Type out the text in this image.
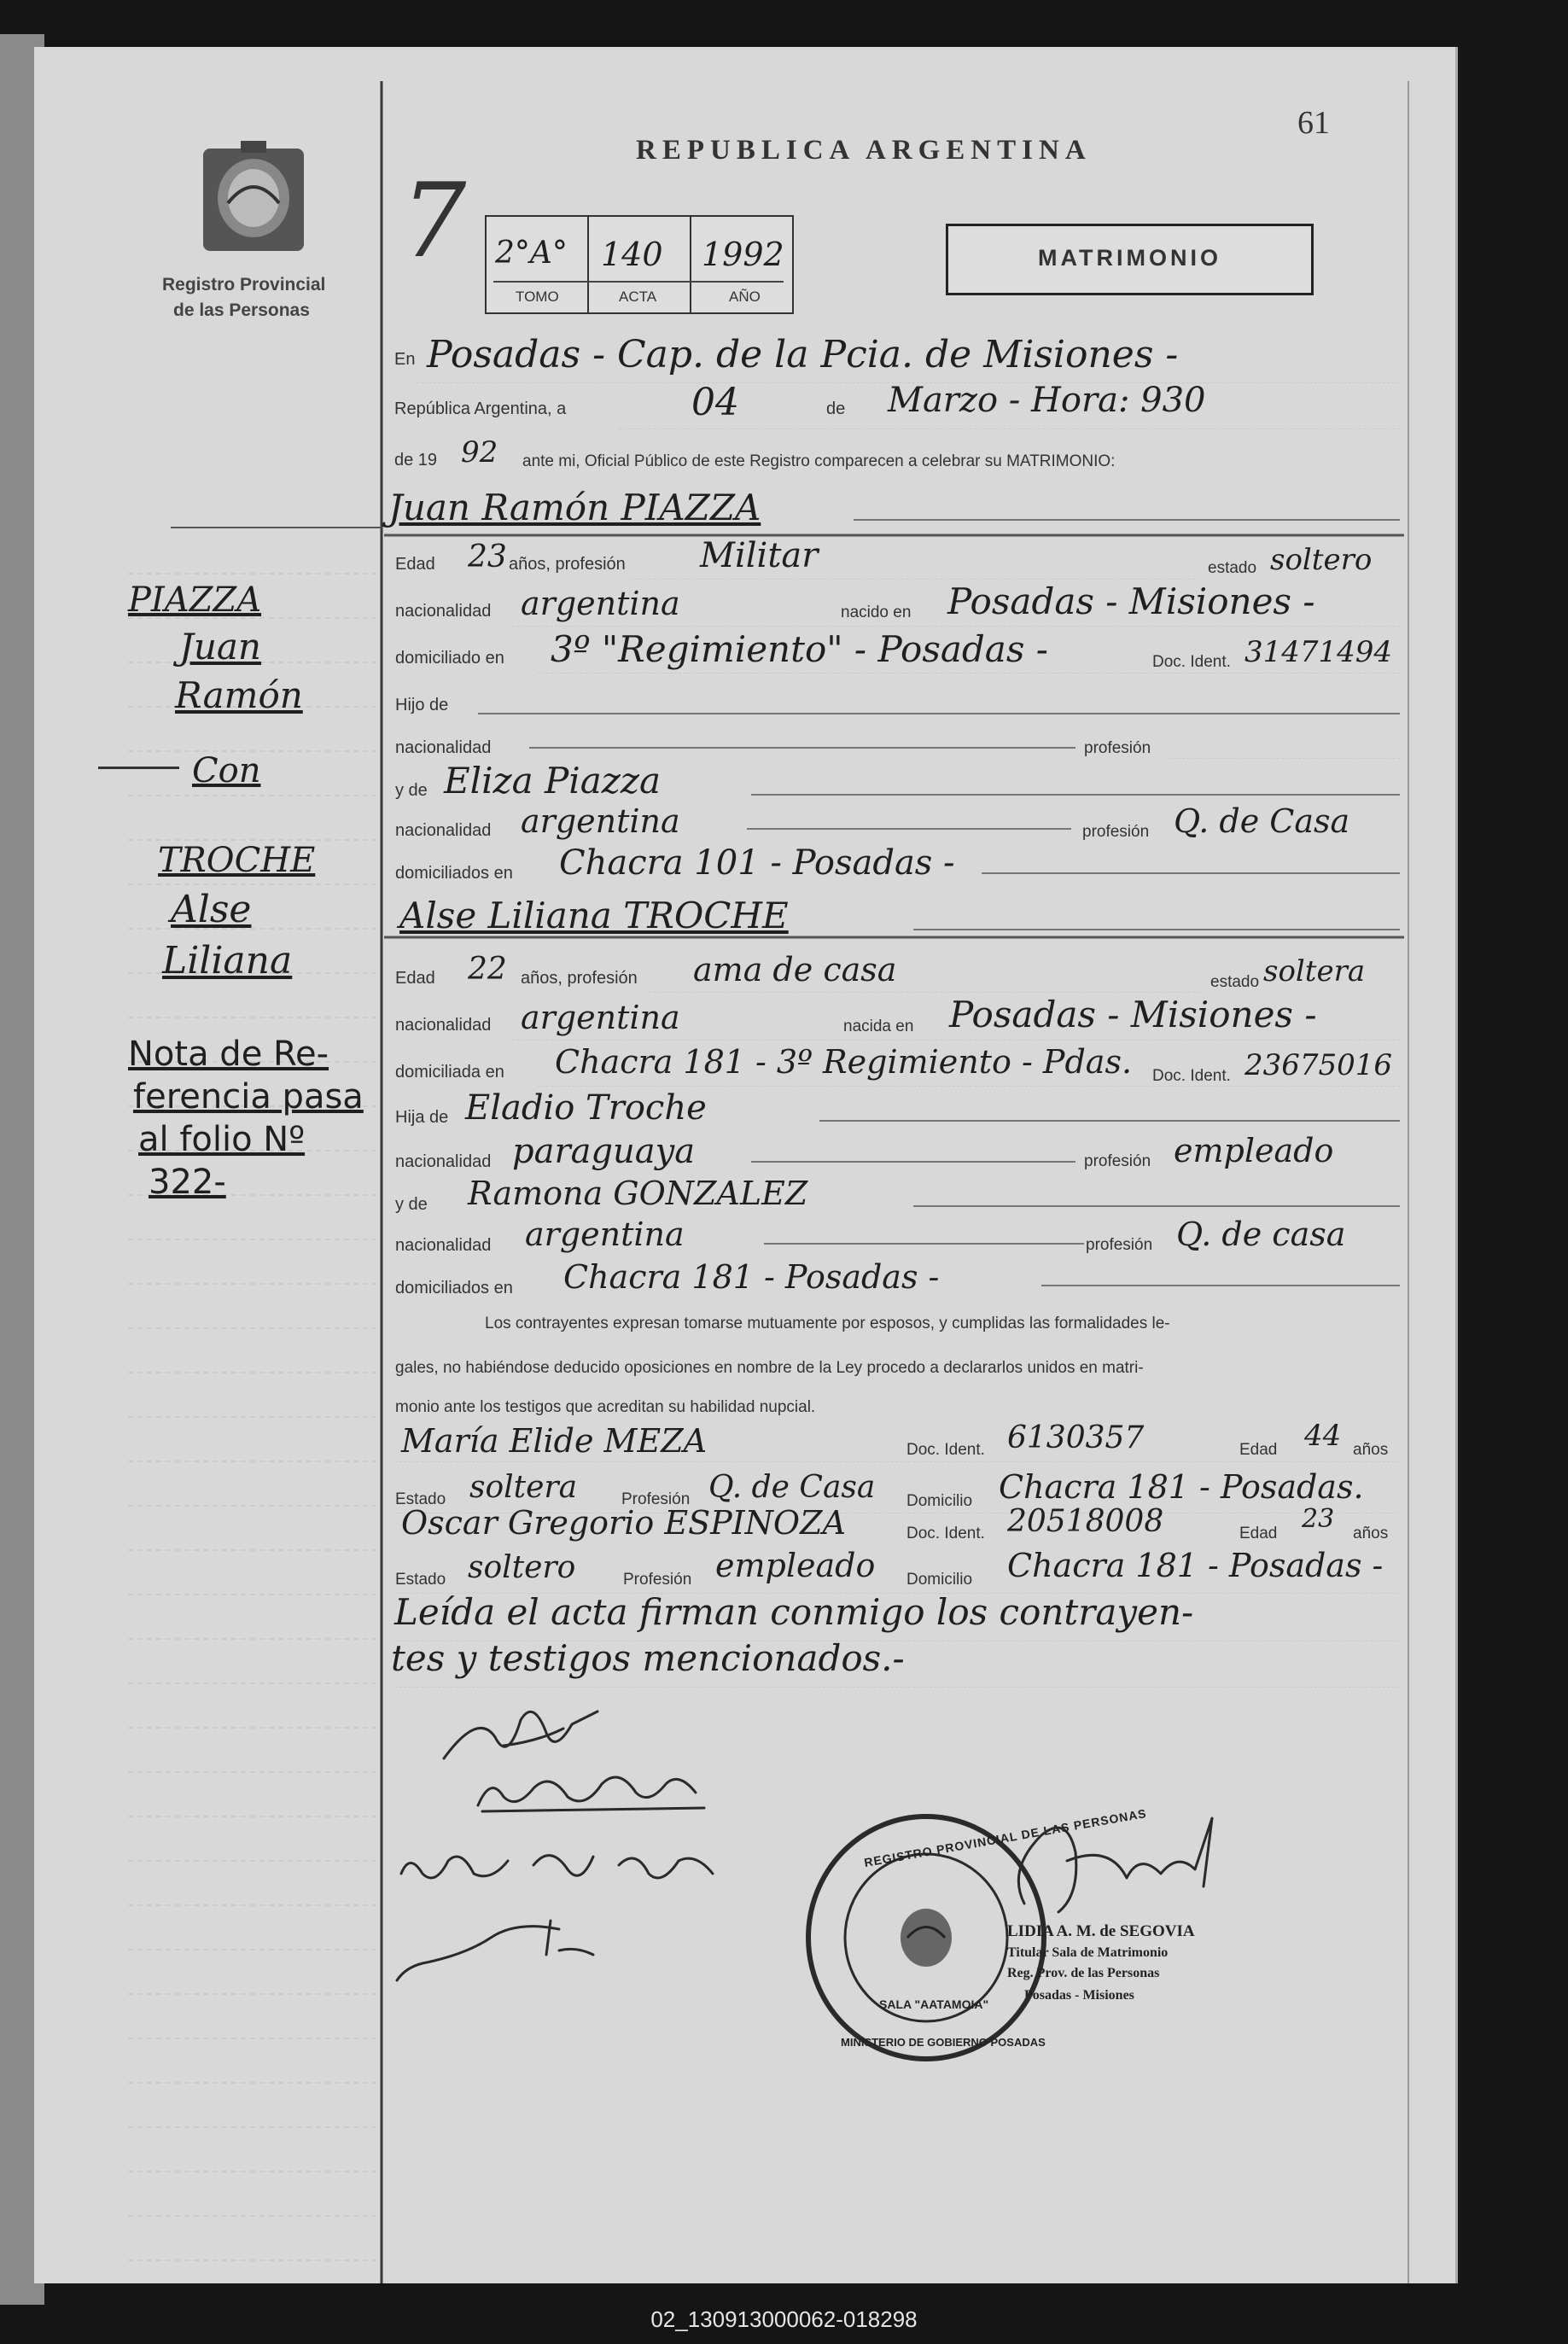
61
Registro Provincial
de las Personas
REPUBLICA ARGENTINA
7 2°A°
TOMO
140
ACTA
1992
AÑO
MATRIMONIO
PIAZZA
Juan
Ramón
Con
TROCHE
Alse
Liliana
Nota de Re-
ferencia pasa
al folio Nº
322-
En Posadas - Cap. de la Pcia. de Misiones -
República Argentina, a	04	de Marzo - Hora: 930
de 19 92 ante mi, Oficial Público de este Registro comparecen a celebrar su MATRIMONIO:
Juan Ramón PIAZZA
Edad 23 años, profesión Militar	estado soltero
nacionalidad argentina	nacido en Posadas - Misiones -
domiciliado en 3º "Regimiento" - Posadas -	Doc. Ident. 31471494
Hijo de
nacionalidad	profesión
y de Eliza Piazza
nacionalidad argentina	profesión Q. de Casa
domiciliados en Chacra 101 - Posadas -
Alse Liliana TROCHE
Edad 22 años, profesión ama de casa	estado soltera
nacionalidad argentina	nacida en Posadas - Misiones -
domiciliada en Chacra 181 - 3º Regimiento - Pdas. Doc. Ident. 23675016
Hija de Eladio Troche
nacionalidad paraguaya	profesión empleado
y de Ramona GONZALEZ
nacionalidad argentina	profesión Q. de casa
domiciliados en Chacra 181 - Posadas -
Los contrayentes expresan tomarse mutuamente por esposos, y cumplidas las formalidades le-
gales, no habiéndose deducido oposiciones en nombre de la Ley procedo a declararlos unidos en matri-
monio ante los testigos que acreditan su habilidad nupcial.
María Elide MEZA	Doc. Ident. 6130357	Edad 44 años
Estado soltera	Profesión Q. de Casa Domicilio Chacra 181 - Posadas.
Oscar Gregorio ESPINOZA	Doc. Ident. 20518008	Edad 23 años
Estado soltero	Profesión empleado Domicilio Chacra 181 - Posadas -
Leída el acta firman conmigo los contrayen-
tes y testigos mencionados.-
REGISTRO PROVINCIAL DE LAS PERSONAS
SALA "AATAMOIA"
MINISTERIO DE GOBIERNO POSADAS
LIDIA A. M. de SEGOVIA
Titular Sala de Matrimonio
Reg. Prov. de las Personas
Posadas - Misiones
02_130913000062-018298
